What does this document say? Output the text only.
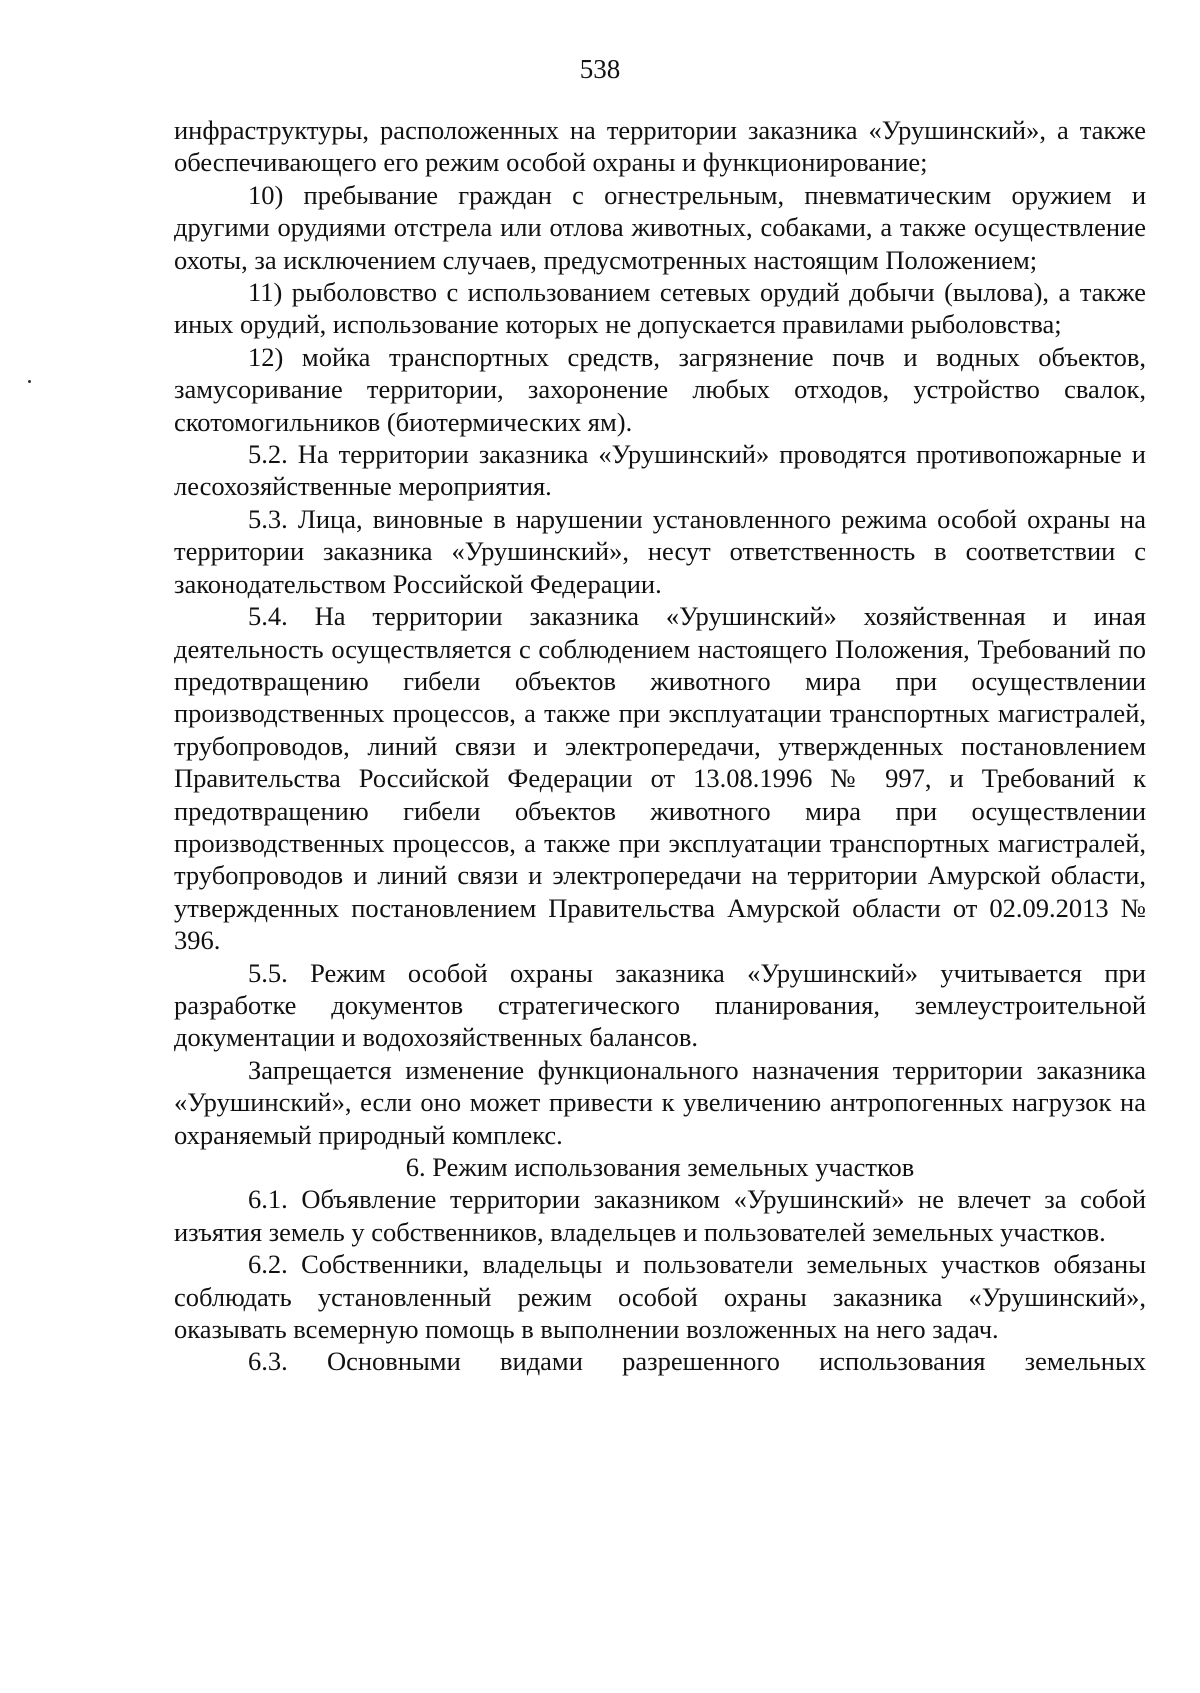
538

инфраструктуры, расположенных на территории заказника «Урушинский», а также обеспечивающего его режим особой охраны и функционирование;

10) пребывание граждан с огнестрельным, пневматическим оружием и другими орудиями отстрела или отлова животных, собаками, а также осуществление охоты, за исключением случаев, предусмотренных настоящим Положением;

11) рыболовство с использованием сетевых орудий добычи (вылова), а также иных орудий, использование которых не допускается правилами рыболовства;

12) мойка транспортных средств, загрязнение почв и водных объектов, замусоривание территории, захоронение любых отходов, устройство свалок, скотомогильников (биотермических ям).

5.2. На территории заказника «Урушинский» проводятся противопожарные и лесохозяйственные мероприятия.

5.3. Лица, виновные в нарушении установленного режима особой охраны на территории заказника «Урушинский», несут ответственность в соответствии с законодательством Российской Федерации.

5.4. На территории заказника «Урушинский» хозяйственная и иная деятельность осуществляется с соблюдением настоящего Положения, Требований по предотвращению гибели объектов животного мира при осуществлении производственных процессов, а также при эксплуатации транспортных магистралей, трубопроводов, линий связи и электропередачи, утвержденных постановлением Правительства Российской Федерации от 13.08.1996 № 997, и Требований к предотвращению гибели объектов животного мира при осуществлении производственных процессов, а также при эксплуатации транспортных магистралей, трубопроводов и линий связи и электропередачи на территории Амурской области, утвержденных постановлением Правительства Амурской области от 02.09.2013 № 396.

5.5. Режим особой охраны заказника «Урушинский» учитывается при разработке документов стратегического планирования, землеустроительной документации и водохозяйственных балансов.

Запрещается изменение функционального назначения территории заказника «Урушинский», если оно может привести к увеличению антропогенных нагрузок на охраняемый природный комплекс.

6. Режим использования земельных участков

6.1. Объявление территории заказником «Урушинский» не влечет за собой изъятия земель у собственников, владельцев и пользователей земельных участков.

6.2. Собственники, владельцы и пользователи земельных участков обязаны соблюдать установленный режим особой охраны заказника «Урушинский», оказывать всемерную помощь в выполнении возложенных на него задач.

6.3. Основными видами разрешенного использования земельных
